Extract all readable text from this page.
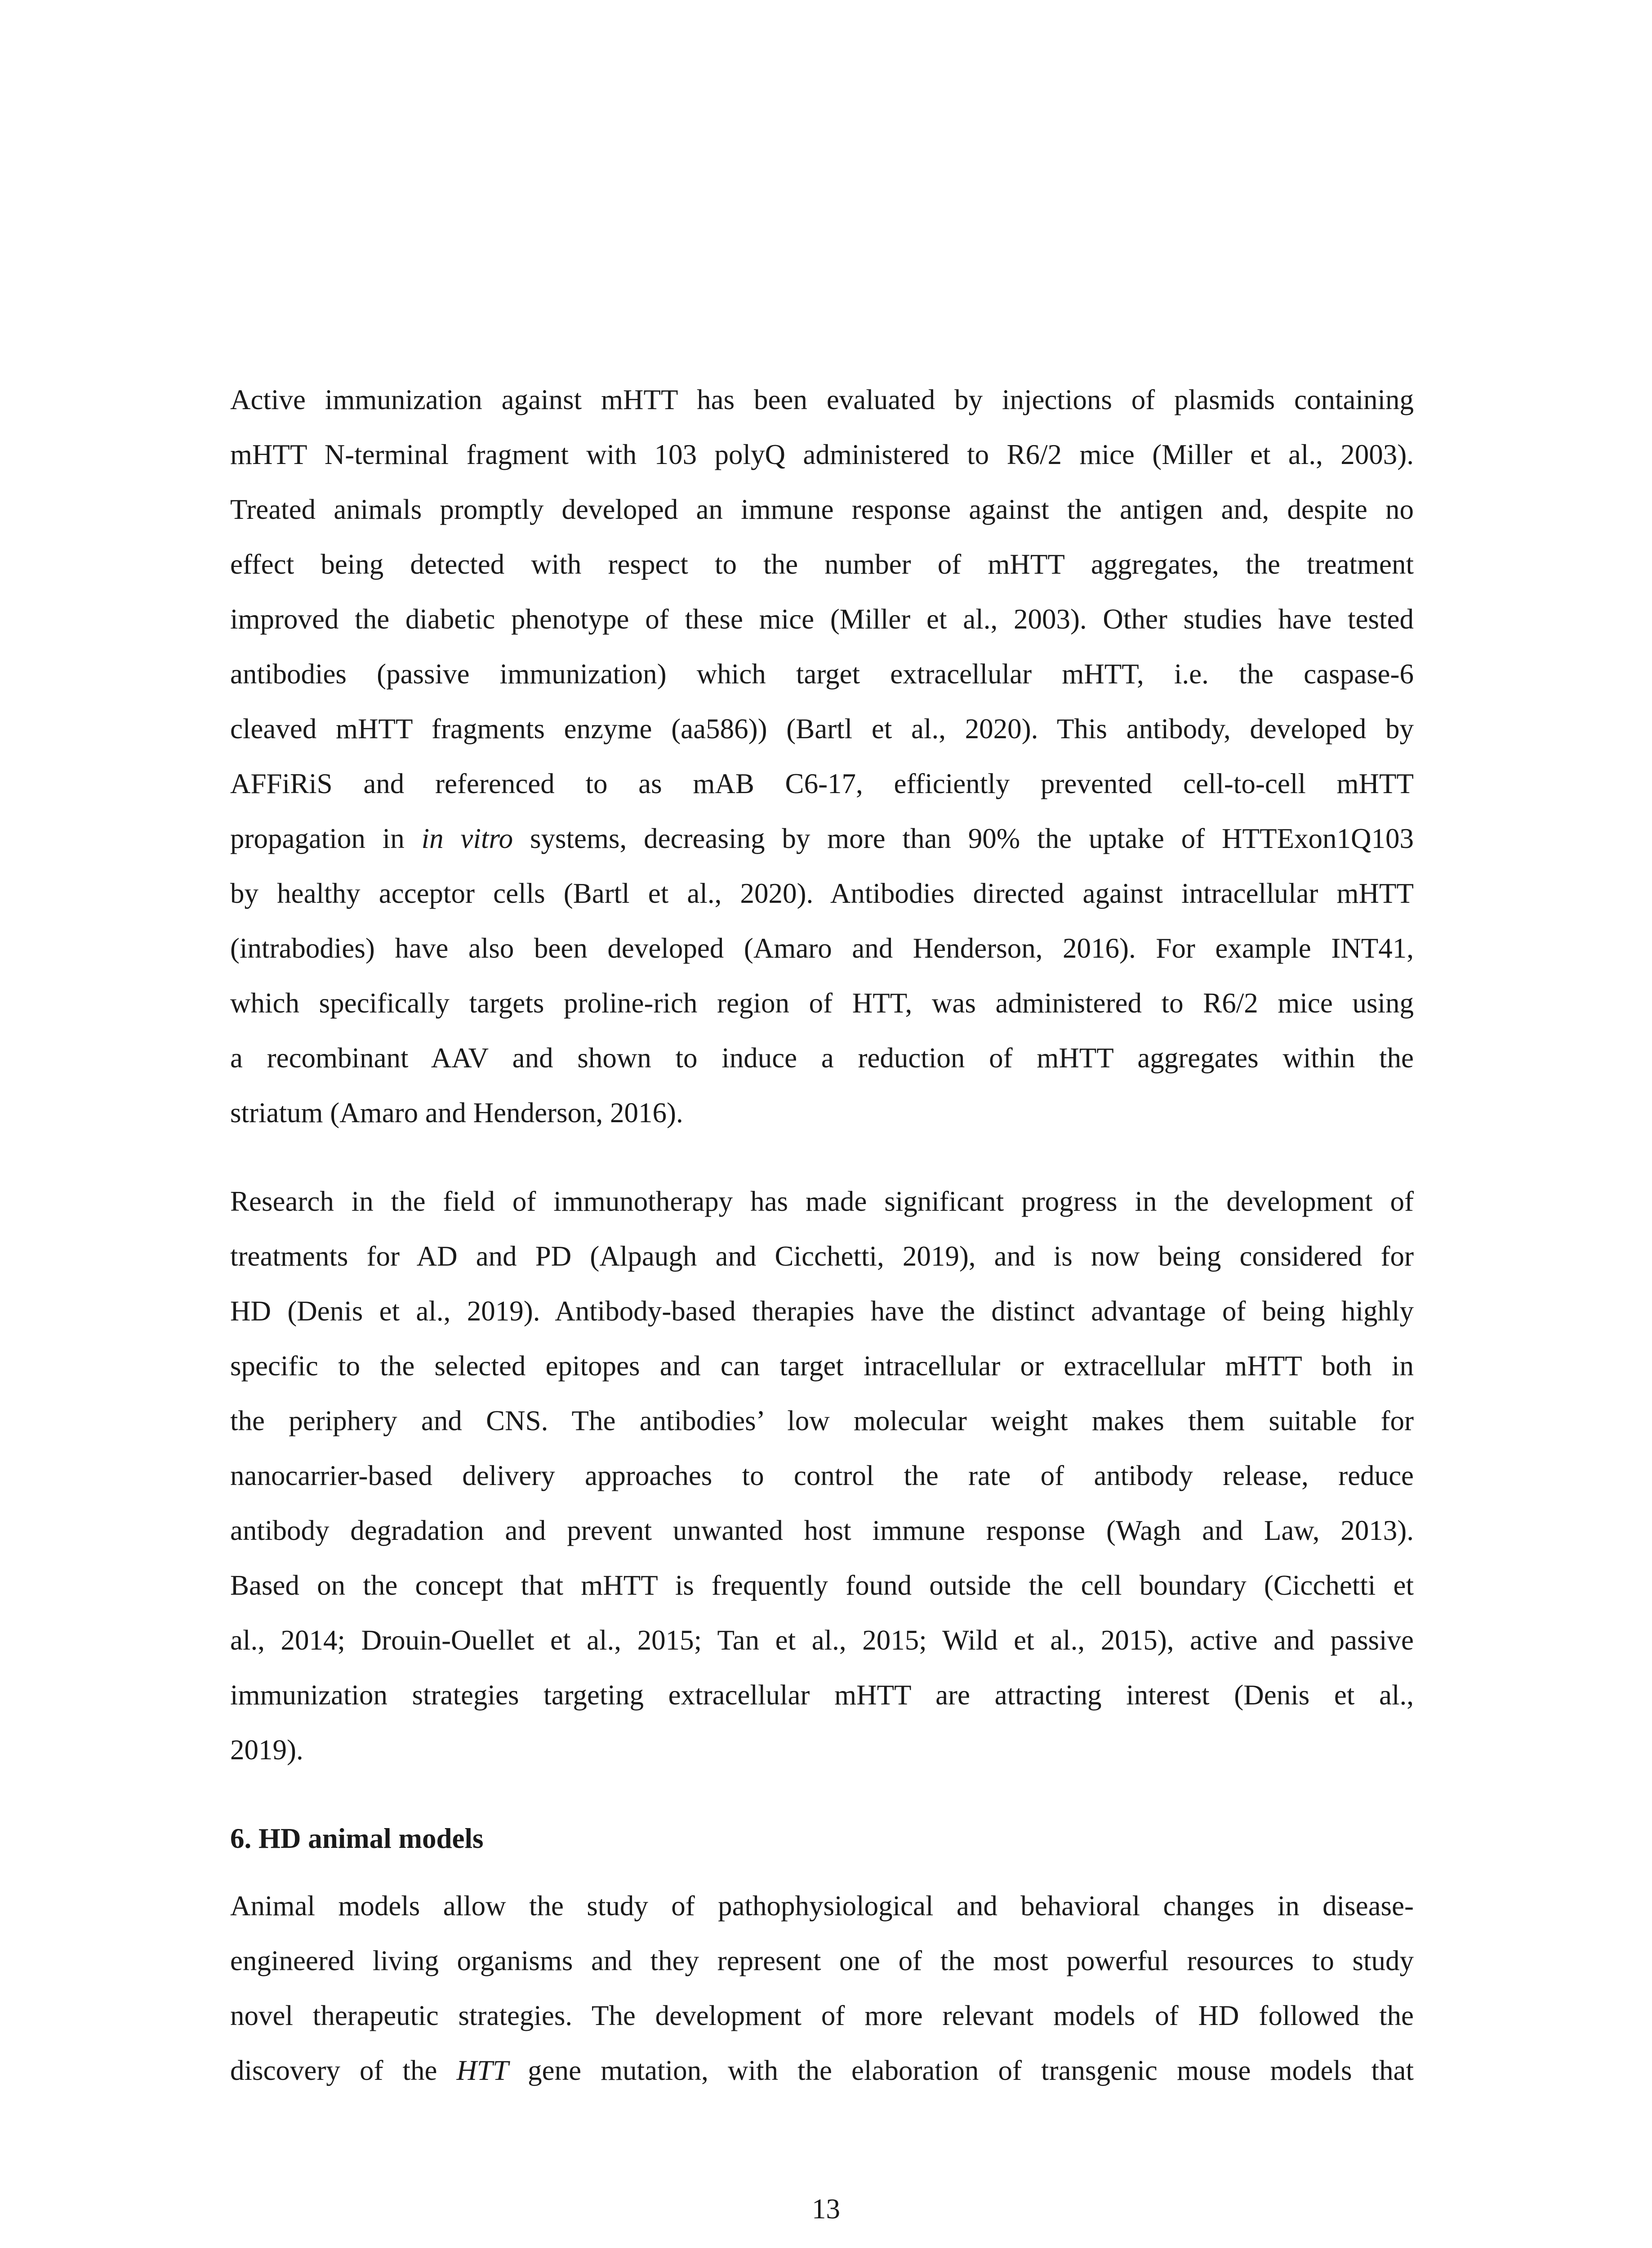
Active immunization against mHTT has been evaluated by injections of plasmids containing
mHTT N-terminal fragment with 103 polyQ administered to R6/2 mice (Miller et al., 2003).
Treated animals promptly developed an immune response against the antigen and, despite no
effect being detected with respect to the number of mHTT aggregates, the treatment
improved the diabetic phenotype of these mice (Miller et al., 2003). Other studies have tested
antibodies (passive immunization) which target extracellular mHTT, i.e. the caspase-6
cleaved mHTT fragments enzyme (aa586)) (Bartl et al., 2020). This antibody, developed by
AFFiRiS and referenced to as mAB C6-17, efficiently prevented cell-to-cell mHTT
propagation in in vitro systems, decreasing by more than 90% the uptake of HTTExon1Q103
by healthy acceptor cells (Bartl et al., 2020). Antibodies directed against intracellular mHTT
(intrabodies) have also been developed (Amaro and Henderson, 2016). For example INT41,
which specifically targets proline-rich region of HTT, was administered to R6/2 mice using
a recombinant AAV and shown to induce a reduction of mHTT aggregates within the
striatum (Amaro and Henderson, 2016).
Research in the field of immunotherapy has made significant progress in the development of
treatments for AD and PD (Alpaugh and Cicchetti, 2019), and is now being considered for
HD (Denis et al., 2019). Antibody-based therapies have the distinct advantage of being highly
specific to the selected epitopes and can target intracellular or extracellular mHTT both in
the periphery and CNS. The antibodies’ low molecular weight makes them suitable for
nanocarrier-based delivery approaches to control the rate of antibody release, reduce
antibody degradation and prevent unwanted host immune response (Wagh and Law, 2013).
Based on the concept that mHTT is frequently found outside the cell boundary (Cicchetti et
al., 2014; Drouin-Ouellet et al., 2015; Tan et al., 2015; Wild et al., 2015), active and passive
immunization strategies targeting extracellular mHTT are attracting interest (Denis et al.,
2019).
6. HD animal models
Animal models allow the study of pathophysiological and behavioral changes in disease-
engineered living organisms and they represent one of the most powerful resources to study
novel therapeutic strategies. The development of more relevant models of HD followed the
discovery of the HTT gene mutation, with the elaboration of transgenic mouse models that
13
